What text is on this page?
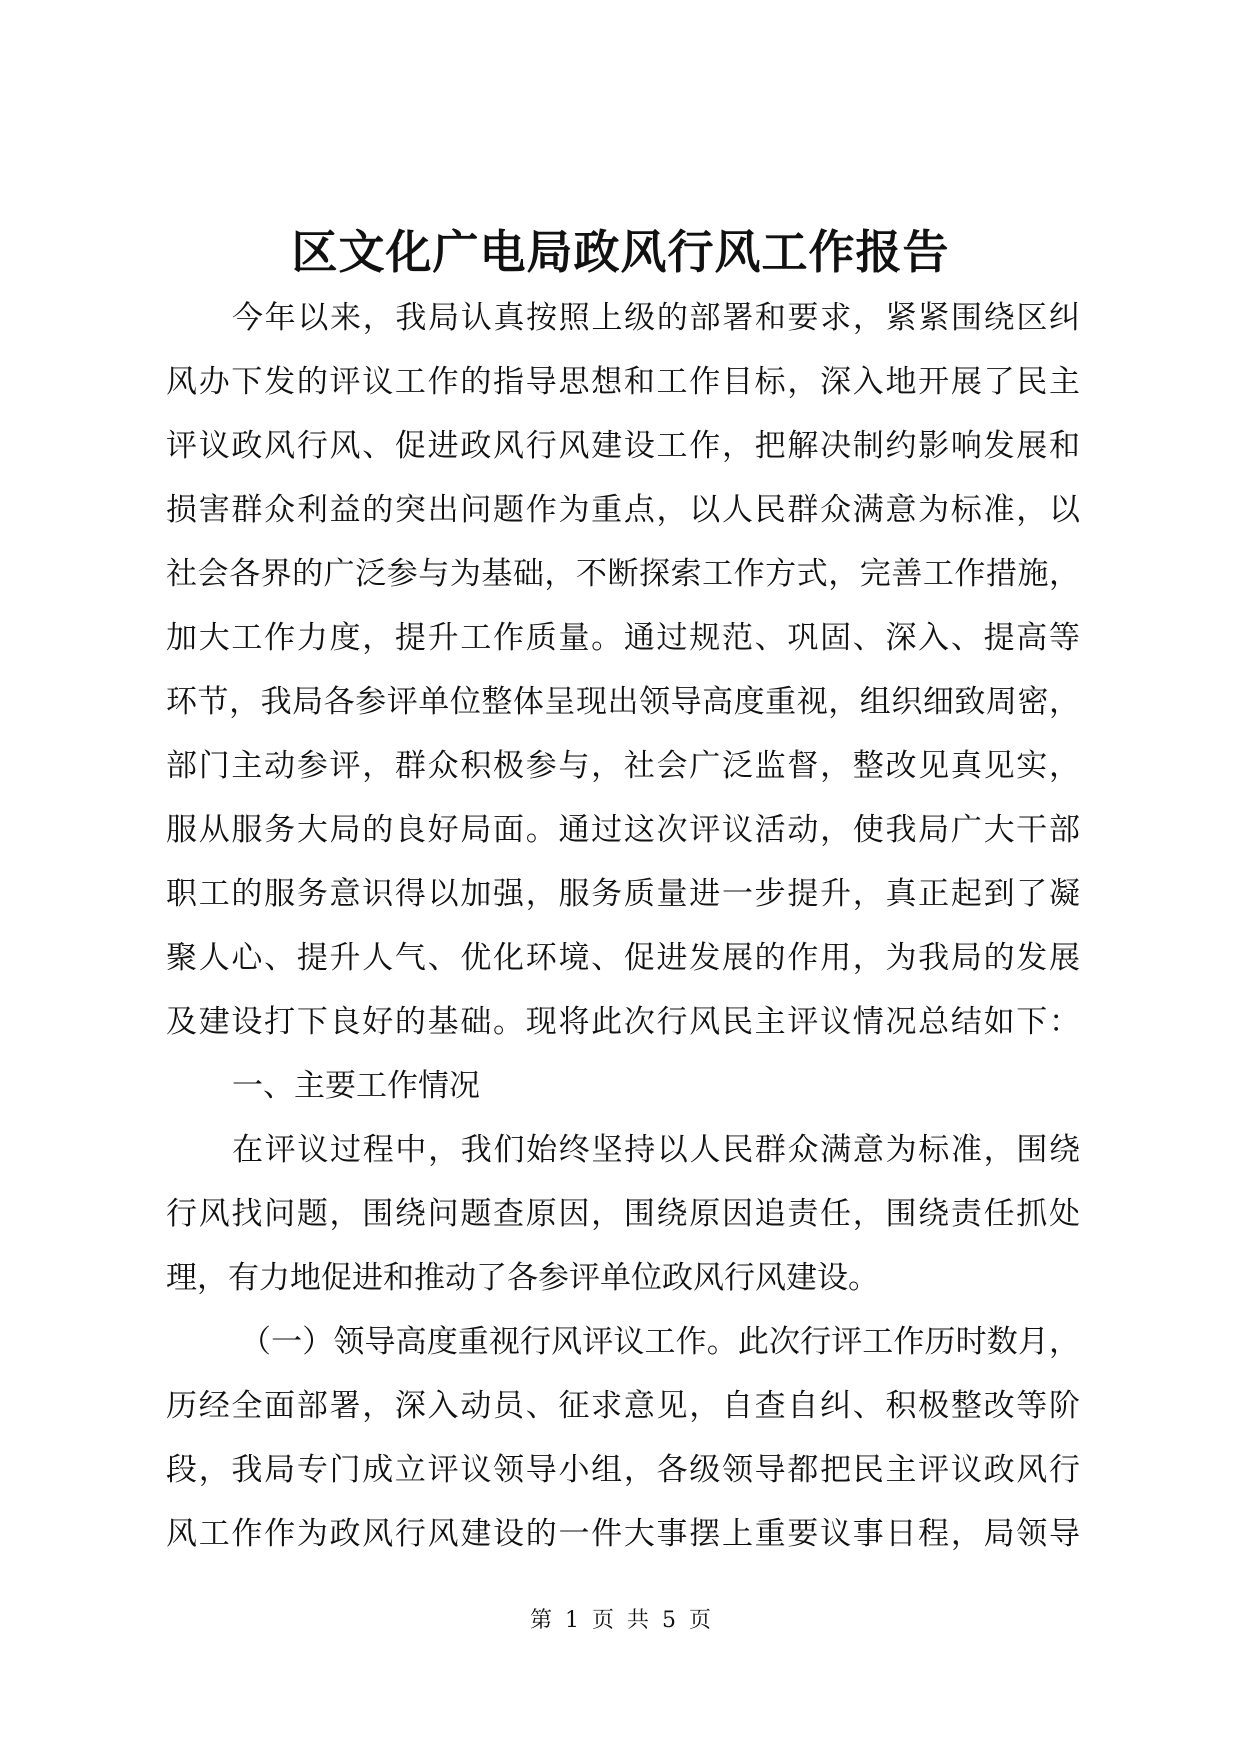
区文化广电局政风行风工作报告
今年以来，我局认真按照上级的部署和要求，紧紧围绕区纠
风办下发的评议工作的指导思想和工作目标，深入地开展了民主
评议政风行风、促进政风行风建设工作，把解决制约影响发展和
损害群众利益的突出问题作为重点，以人民群众满意为标准，以
社会各界的广泛参与为基础，不断探索工作方式，完善工作措施，
加大工作力度，提升工作质量。通过规范、巩固、深入、提高等
环节，我局各参评单位整体呈现出领导高度重视，组织细致周密，
部门主动参评，群众积极参与，社会广泛监督，整改见真见实，
服从服务大局的良好局面。通过这次评议活动，使我局广大干部
职工的服务意识得以加强，服务质量进一步提升，真正起到了凝
聚人心、提升人气、优化环境、促进发展的作用，为我局的发展
及建设打下良好的基础。现将此次行风民主评议情况总结如下：
一、主要工作情况
在评议过程中，我们始终坚持以人民群众满意为标准，围绕
行风找问题，围绕问题查原因，围绕原因追责任，围绕责任抓处
理，有力地促进和推动了各参评单位政风行风建设。
（一）领导高度重视行风评议工作。此次行评工作历时数月，
历经全面部署，深入动员、征求意见，自查自纠、积极整改等阶
段，我局专门成立评议领导小组，各级领导都把民主评议政风行
风工作作为政风行风建设的一件大事摆上重要议事日程，局领导
第 1 页 共 5 页
